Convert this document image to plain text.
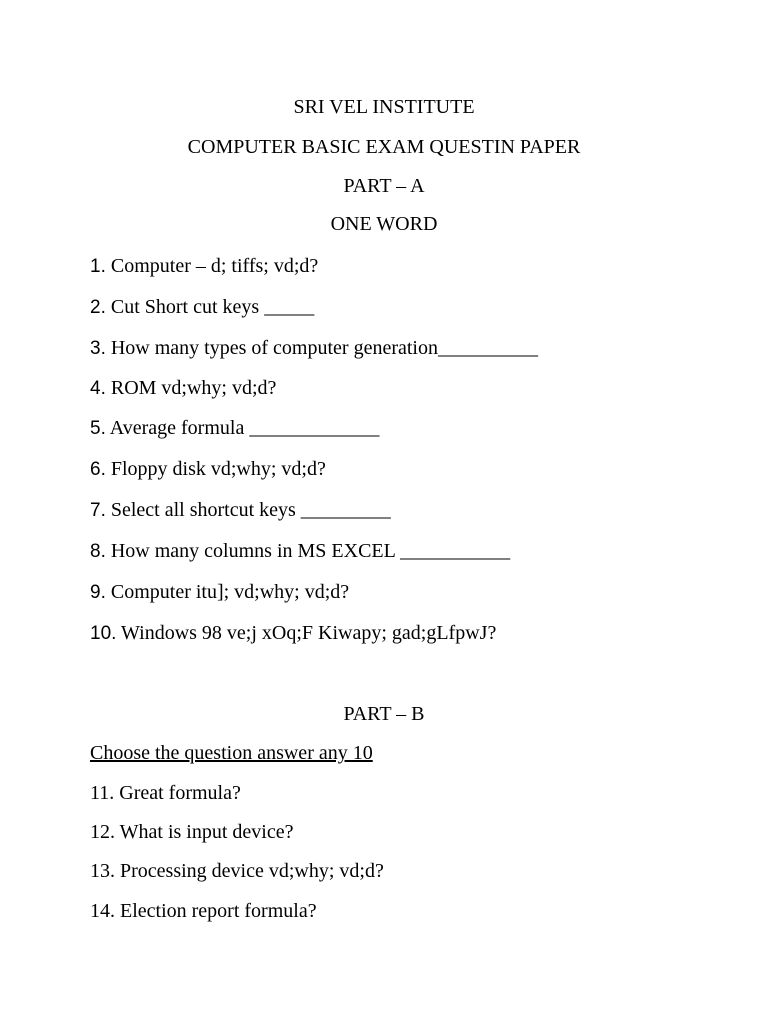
SRI VEL INSTITUTE
COMPUTER BASIC EXAM QUESTIN PAPER
PART – A
ONE WORD
1. Computer – d; tiffs; vd;d?
2. Cut Short cut keys _____
3. How many types of computer generation__________
4. ROM vd;why; vd;d?
5. Average formula _____________
6. Floppy disk vd;why; vd;d?
7. Select all shortcut keys _________
8. How many columns in MS EXCEL ___________
9. Computer itu]; vd;why; vd;d?
10. Windows 98 ve;j xOq;F Kiwapy; gad;gLfpwJ?
PART – B
Choose the question answer any 10
11. Great formula?
12. What is input device?
13. Processing device vd;why; vd;d?
14. Election report formula?
